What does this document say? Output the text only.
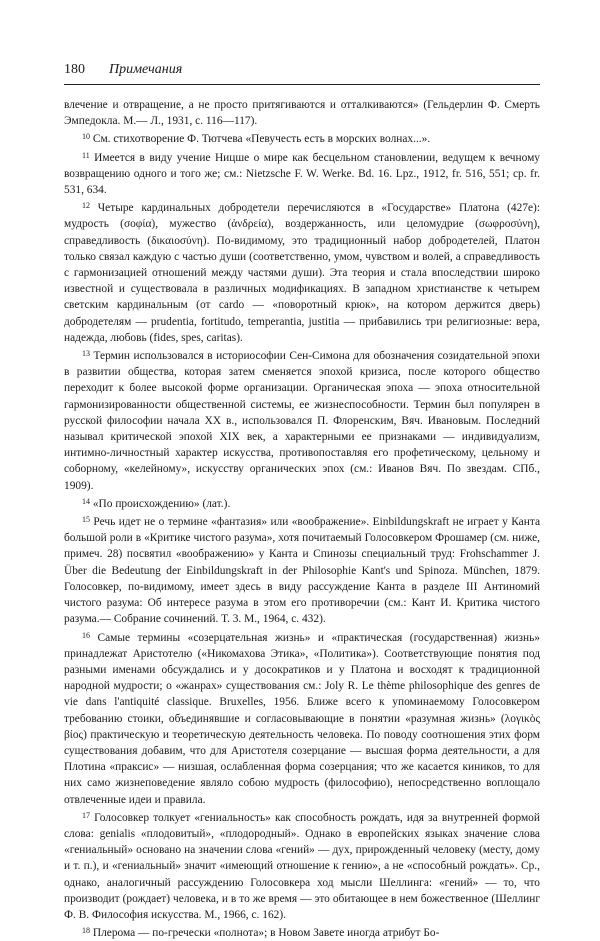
180 Примечания

влечение и отвращение, а не просто притягиваются и отталкиваются» (Гельдерлин Ф. Смерть Эмпедокла. М.— Л., 1931, с. 116—117).

$^{10}$ См. стихотворение Ф. Тютчева «Певучесть есть в морских волнах...».

$^{11}$ Имеется в виду учение Ницше о мире как бесцельном становлении, ведущем к вечному возвращению одного и того же; см.: Nietzsche F. W. Werke. Bd. 16. Lpz., 1912, fr. 516, 551; ср. fr. 531, 634.

$^{12}$ Четыре кардинальных добродетели перечисляются в «Государстве» Платона (427е): мудрость (σοφία), мужество (ἀνδρεία), воздержанность, или целомудрие (σωφροσύνη), справедливость (δικαιοσύνη). По-видимому, это традиционный набор добродетелей, Платон только связал каждую с частью души (соответственно, умом, чувством и волей, а справедливость с гармонизацией отношений между частями души). Эта теория и стала впоследствии широко известной и существовала в различных модификациях. В западном христианстве к четырем светским кардинальным (от cardo — «поворотный крюк», на котором держится дверь) добродетелям — prudentia, fortitudo, temperantia, justitia — прибавились три религиозные: вера, надежда, любовь (fides, spes, caritas).

$^{13}$ Термин использовался в историософии Сен-Симона для обозначения созидательной эпохи в развитии общества, которая затем сменяется эпохой кризиса, после которого общество переходит к более высокой форме организации. Органическая эпоха — эпоха относительной гармонизированности общественной системы, ее жизнеспособности. Термин был популярен в русской философии начала XX в., использовался П. Флоренским, Вяч. Ивановым. Последний называл критической эпохой XIX век, а характерными ее признаками — индивидуализм, интимно-личностный характер искусства, противопоставляя его профетическому, цельному и соборному, «келейному», искусству органических эпох (см.: Иванов Вяч. По звездам. СПб., 1909).

$^{14}$ «По происхождению» (лат.).

$^{15}$ Речь идет не о термине «фантазия» или «воображение». Einbildungskraft не играет у Канта большой роли в «Критике чистого разума», хотя почитаемый Голосовкером Фрошамер (см. ниже, примеч. 28) посвятил «воображению» у Канта и Спинозы специальный труд: Frohschammer J. Über die Bedeutung der Einbildungskraft in der Philosophie Kant's und Spinoza. München, 1879. Голосовкер, по-видимому, имеет здесь в виду рассуждение Канта в разделе III Антиномий чистого разума: Об интересе разума в этом его противоречии (см.: Кант И. Критика чистого разума.— Собрание сочинений. Т. 3. М., 1964, с. 432).

$^{16}$ Самые термины «созерцательная жизнь» и «практическая (государственная) жизнь» принадлежат Аристотелю («Никомахова Этика», «Политика»). Соответствующие понятия под разными именами обсуждались и у досократиков и у Платона и восходят к традиционной народной мудрости; о «жанрах» существования см.: Joly R. Le thème philosophique des genres de vie dans l'antiquité classique. Bruxelles, 1956. Ближе всего к упоминаемому Голосовкером требованию стоики, объединявшие и согласовывающие в понятии «разумная жизнь» (λογικὸς βίος) практическую и теоретическую деятельность человека. По поводу соотношения этих форм существования добавим, что для Аристотеля созерцание — высшая форма деятельности, а для Плотина «праксис» — низшая, ослабленная форма созерцания; что же касается киников, то для них само жизнеповедение являло собою мудрость (философию), непосредственно воплощало отвлеченные идеи и правила.

$^{17}$ Голосовкер толкует «гениальность» как способность рождать, идя за внутренней формой слова: genialis «плодовитый», «плодородный». Однако в европейских языках значение слова «гениальный» основано на значении слова «гений» — дух, прирожденный человеку (месту, дому и т. п.), и «гениальный» значит «имеющий отношение к гению», а не «способный рождать». Ср., однако, аналогичный рассуждению Голосовкера ход мысли Шеллинга: «гений» — то, что производит (рождает) человека, и в то же время — это обитающее в нем божественное (Шеллинг Ф. В. Философия искусства. М., 1966, с. 162).

$^{18}$ Плерома — по-гречески «полнота»; в Новом Завете иногда атрибут Бо-
